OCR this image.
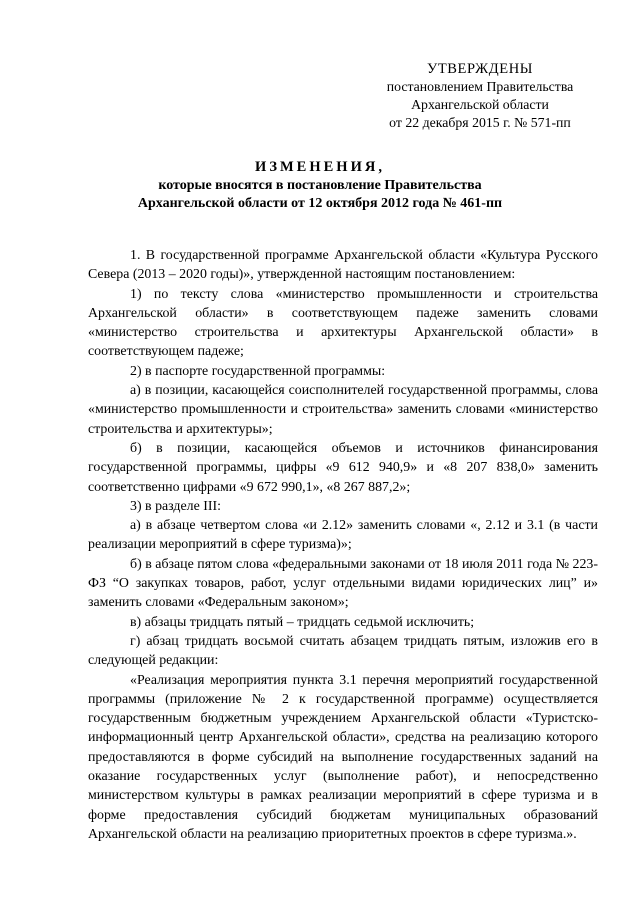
УТВЕРЖДЕНЫ
постановлением Правительства
Архангельской области
от 22 декабря 2015 г. № 571-пп
ИЗМЕНЕНИЯ,
которые вносятся в постановление Правительства
Архангельской области от 12 октября 2012 года № 461-пп

1. В государственной программе Архангельской области «Культура Русского Севера (2013 – 2020 годы)», утвержденной настоящим постановлением:

1) по тексту слова «министерство промышленности и строительства Архангельской области» в соответствующем падеже заменить словами «министерство строительства и архитектуры Архангельской области» в соответствующем падеже;

2) в паспорте государственной программы:

а) в позиции, касающейся соисполнителей государственной программы, слова «министерство промышленности и строительства» заменить словами «министерство строительства и архитектуры»;

б) в позиции, касающейся объемов и источников финансирования государственной программы, цифры «9 612 940,9» и «8 207 838,0» заменить соответственно цифрами «9 672 990,1», «8 267 887,2»;

3) в разделе III:

а) в абзаце четвертом слова «и 2.12» заменить словами «, 2.12 и 3.1 (в части реализации мероприятий в сфере туризма)»;

б) в абзаце пятом слова «федеральными законами от 18 июля 2011 года № 223-ФЗ “О закупках товаров, работ, услуг отдельными видами юридических лиц” и» заменить словами «Федеральным законом»;

в) абзацы тридцать пятый – тридцать седьмой исключить;

г) абзац тридцать восьмой считать абзацем тридцать пятым, изложив его в следующей редакции:

«Реализация мероприятия пункта 3.1 перечня мероприятий государственной программы (приложение № 2 к государственной программе) осуществляется государственным бюджетным учреждением Архангельской области «Туристско-информационный центр Архангельской области», средства на реализацию которого предоставляются в форме субсидий на выполнение государственных заданий на оказание государственных услуг (выполнение работ), и непосредственно министерством культуры в рамках реализации мероприятий в сфере туризма и в форме предоставления субсидий бюджетам муниципальных образований Архангельской области на реализацию приоритетных проектов в сфере туризма.».
